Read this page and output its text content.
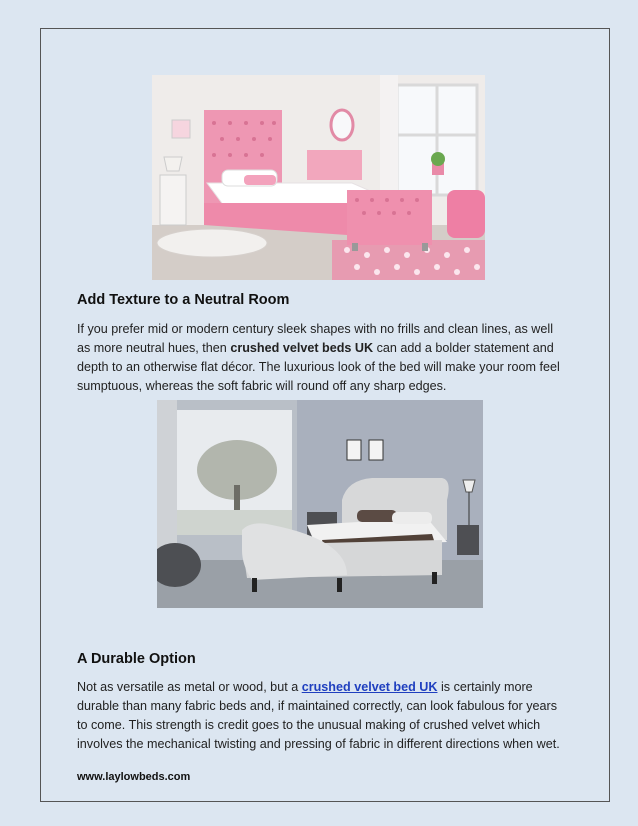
Add Texture to a Neutral Room

If you prefer mid or modern century sleek shapes with no frills and clean lines, as well
as more neutral hues, then crushed velvet beds UK can add a bolder statement and
depth to an otherwise flat décor. The luxurious look of the bed will make your room feel
sumptuous, whereas the soft fabric will round off any sharp edges.

A Durable Option

Not as versatile as metal or wood, but a crushed velvet bed UK is certainly more
durable than many fabric beds and, if maintained correctly, can look fabulous for years
to come. This strength is credit goes to the unusual making of crushed velvet which
involves the mechanical twisting and pressing of fabric in different directions when wet.

www.laylowbeds.com
